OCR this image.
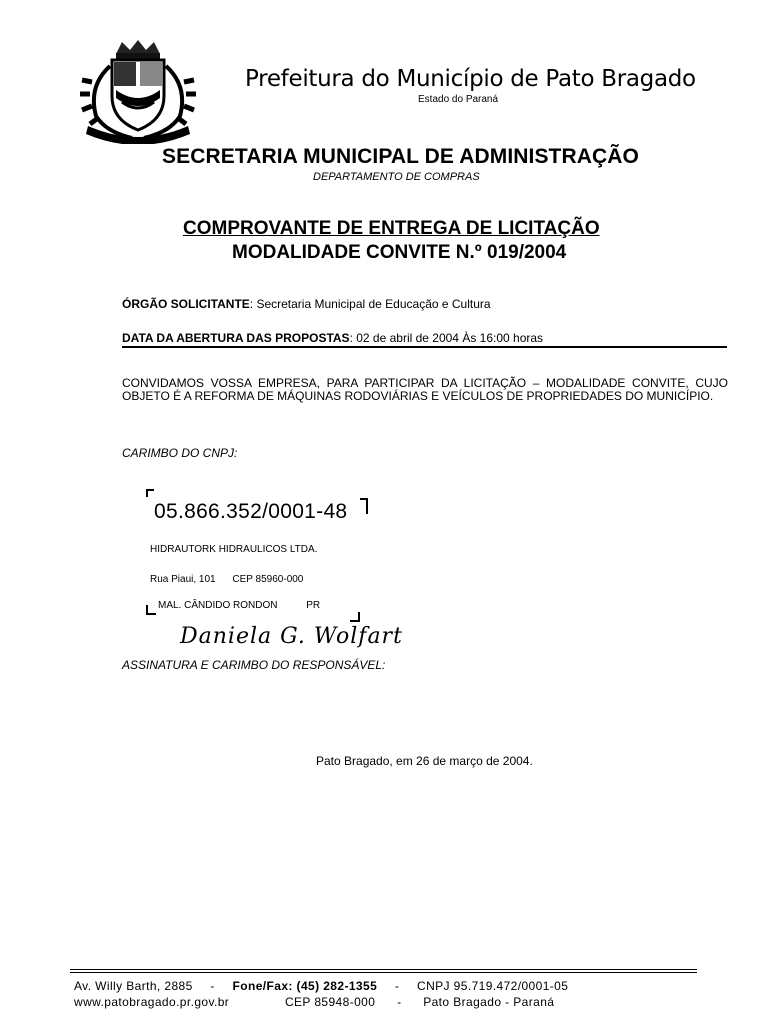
Prefeitura do Município de Pato Bragado
Estado do Paraná
SECRETARIA MUNICIPAL DE ADMINISTRAÇÃO
DEPARTAMENTO DE COMPRAS
COMPROVANTE DE ENTREGA DE LICITAÇÃO
MODALIDADE CONVITE N.º 019/2004
ÓRGÃO SOLICITANTE: Secretaria Municipal de Educação e Cultura
DATA DA ABERTURA DAS PROPOSTAS: 02 de abril de 2004 Às 16:00 horas
CONVIDAMOS VOSSA EMPRESA, PARA PARTICIPAR DA LICITAÇÃO – MODALIDADE CONVITE, CUJO OBJETO É A REFORMA DE MÁQUINAS RODOVIÁRIAS E VEÍCULOS DE PROPRIEDADES DO MUNICÍPIO.
CARIMBO DO CNPJ:
05.866.352/0001-48
HIDRAUTORK HIDRAULICOS LTDA.
Rua Piaui, 101 CEP 85960-000
MAL. CÂNDIDO RONDON	PR
Daniela G. Wolfart
ASSINATURA E CARIMBO DO RESPONSÁVEL:
Pato Bragado, em 26 de março de 2004.
Av. Willy Barth, 2885 - Fone/Fax: (45) 282-1355 - CNPJ 95.719.472/0001-05
www.patobragado.pr.gov.br	CEP 85948-000 - Pato Bragado - Paraná
